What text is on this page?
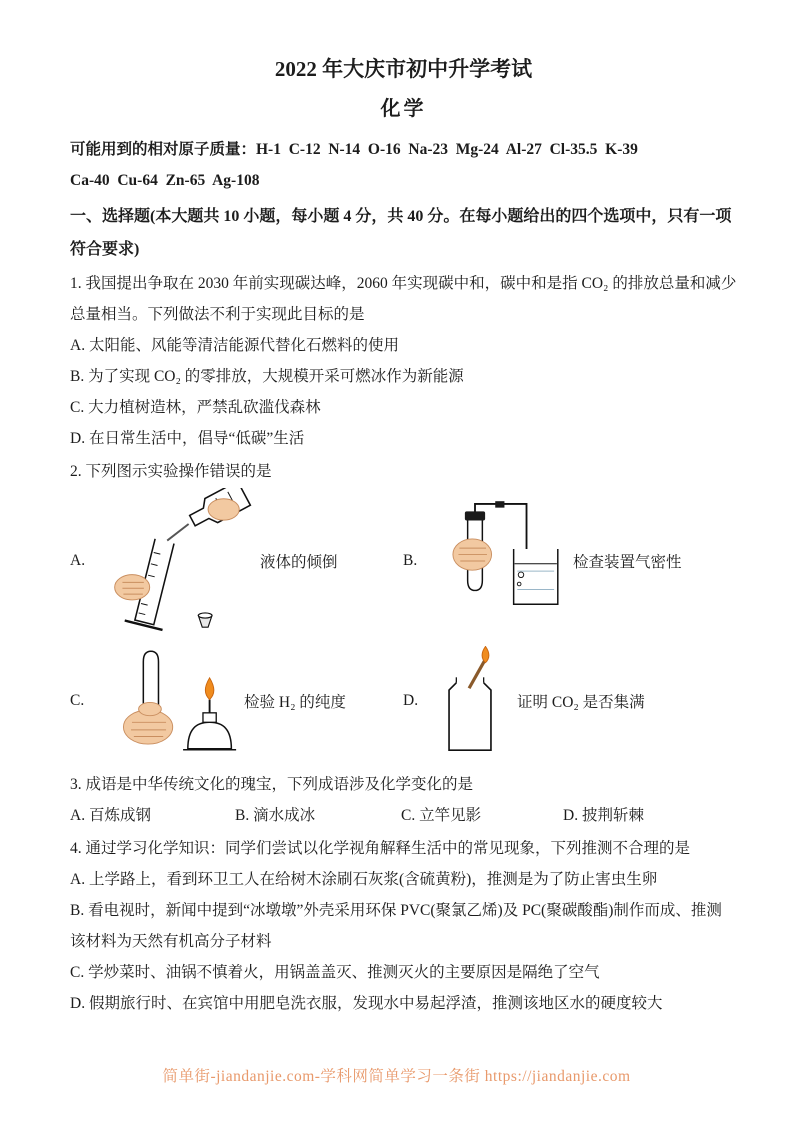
2022 年大庆市初中升学考试
化学
可能用到的相对原子质量：H-1  C-12  N-14  O-16  Na-23  Mg-24  Al-27  Cl-35.5  K-39
Ca-40  Cu-64  Zn-65  Ag-108
一、选择题(本大题共 10 小题，每小题 4 分，共 40 分。在每小题给出的四个选项中，只有一项符合要求)
1. 我国提出争取在 2030 年前实现碳达峰，2060 年实现碳中和，碳中和是指 CO₂ 的排放总量和减少总量相当。下列做法不利于实现此目标的是
A. 太阳能、风能等清洁能源代替化石燃料的使用
B. 为了实现 CO₂ 的零排放，大规模开采可燃冰作为新能源
C. 大力植树造林，严禁乱砍滥伐森林
D. 在日常生活中，倡导“低碳”生活
2. 下列图示实验操作错误的是
A.	液体的倾倒	B.	检查装置气密性
C.	检验 H₂ 的纯度	D.	证明 CO₂ 是否集满
3. 成语是中华传统文化的瑰宝，下列成语涉及化学变化的是
A. 百炼成钢	B. 滴水成冰	C. 立竿见影	D. 披荆斩棘
4. 通过学习化学知识：同学们尝试以化学视角解释生活中的常见现象，下列推测不合理的是
A. 上学路上，看到环卫工人在给树木涂刷石灰浆(含硫黄粉)，推测是为了防止害虫生卵
B. 看电视时，新闻中提到“冰墩墩”外壳采用环保 PVC(聚氯乙烯)及 PC(聚碳酸酯)制作而成、推测该材料为天然有机高分子材料
C. 学炒菜时、油锅不慎着火，用锅盖盖灭、推测灭火的主要原因是隔绝了空气
D. 假期旅行时、在宾馆中用肥皂洗衣服，发现水中易起浮渣，推测该地区水的硬度较大
简单街-jiandanjie.com-学科网简单学习一条街 https://jiandanjie.com
